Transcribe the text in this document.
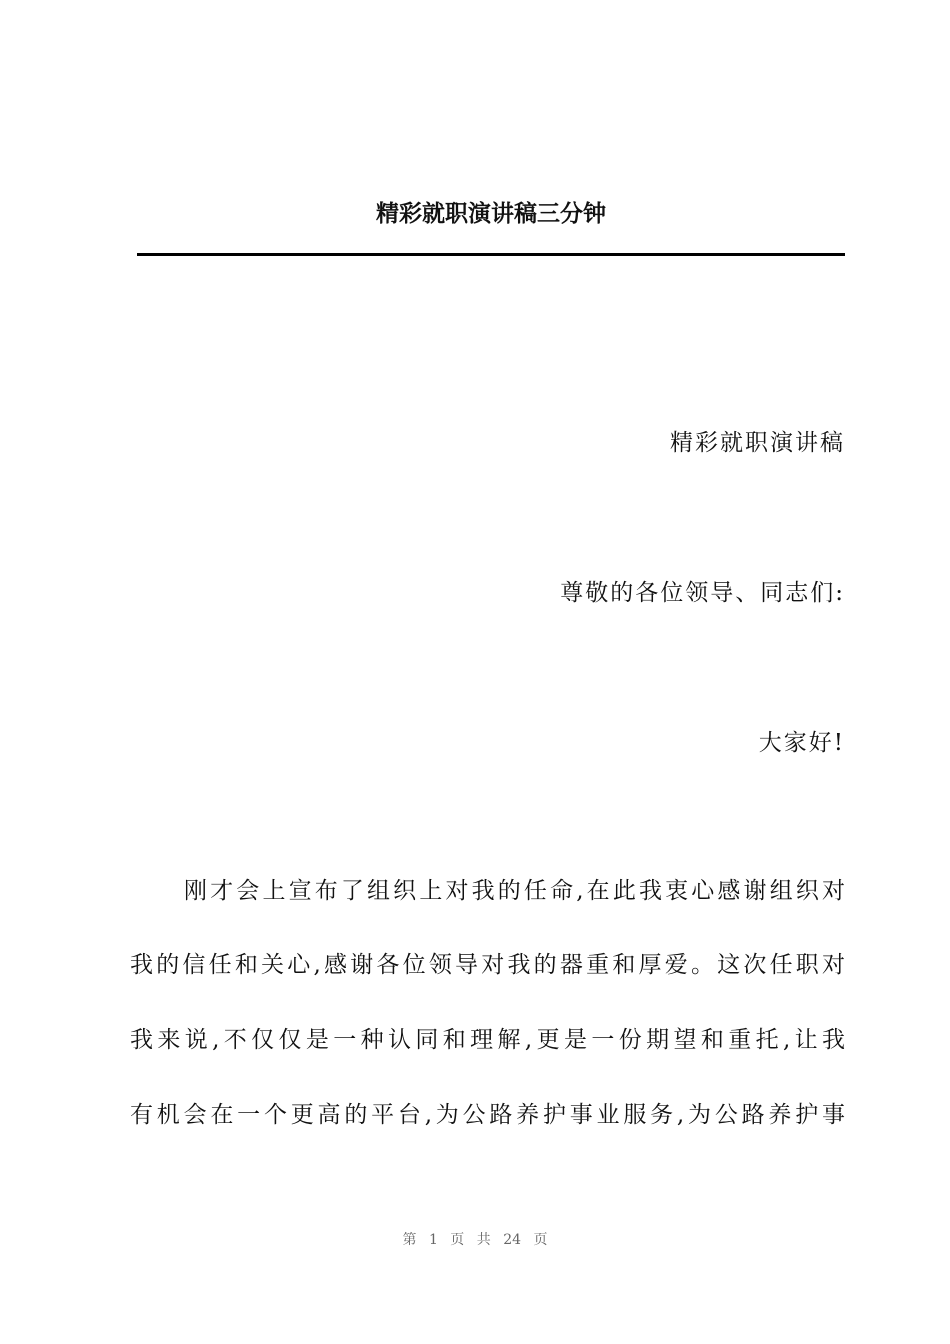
精彩就职演讲稿三分钟
精彩就职演讲稿
尊敬的各位领导、同志们:
大家好!
刚才会上宣布了组织上对我的任命,在此我衷心感谢组织对
我的信任和关心,感谢各位领导对我的器重和厚爱。这次任职对
我来说,不仅仅是一种认同和理解,更是一份期望和重托,让我
有机会在一个更高的平台,为公路养护事业服务,为公路养护事
第 1 页 共 24 页
